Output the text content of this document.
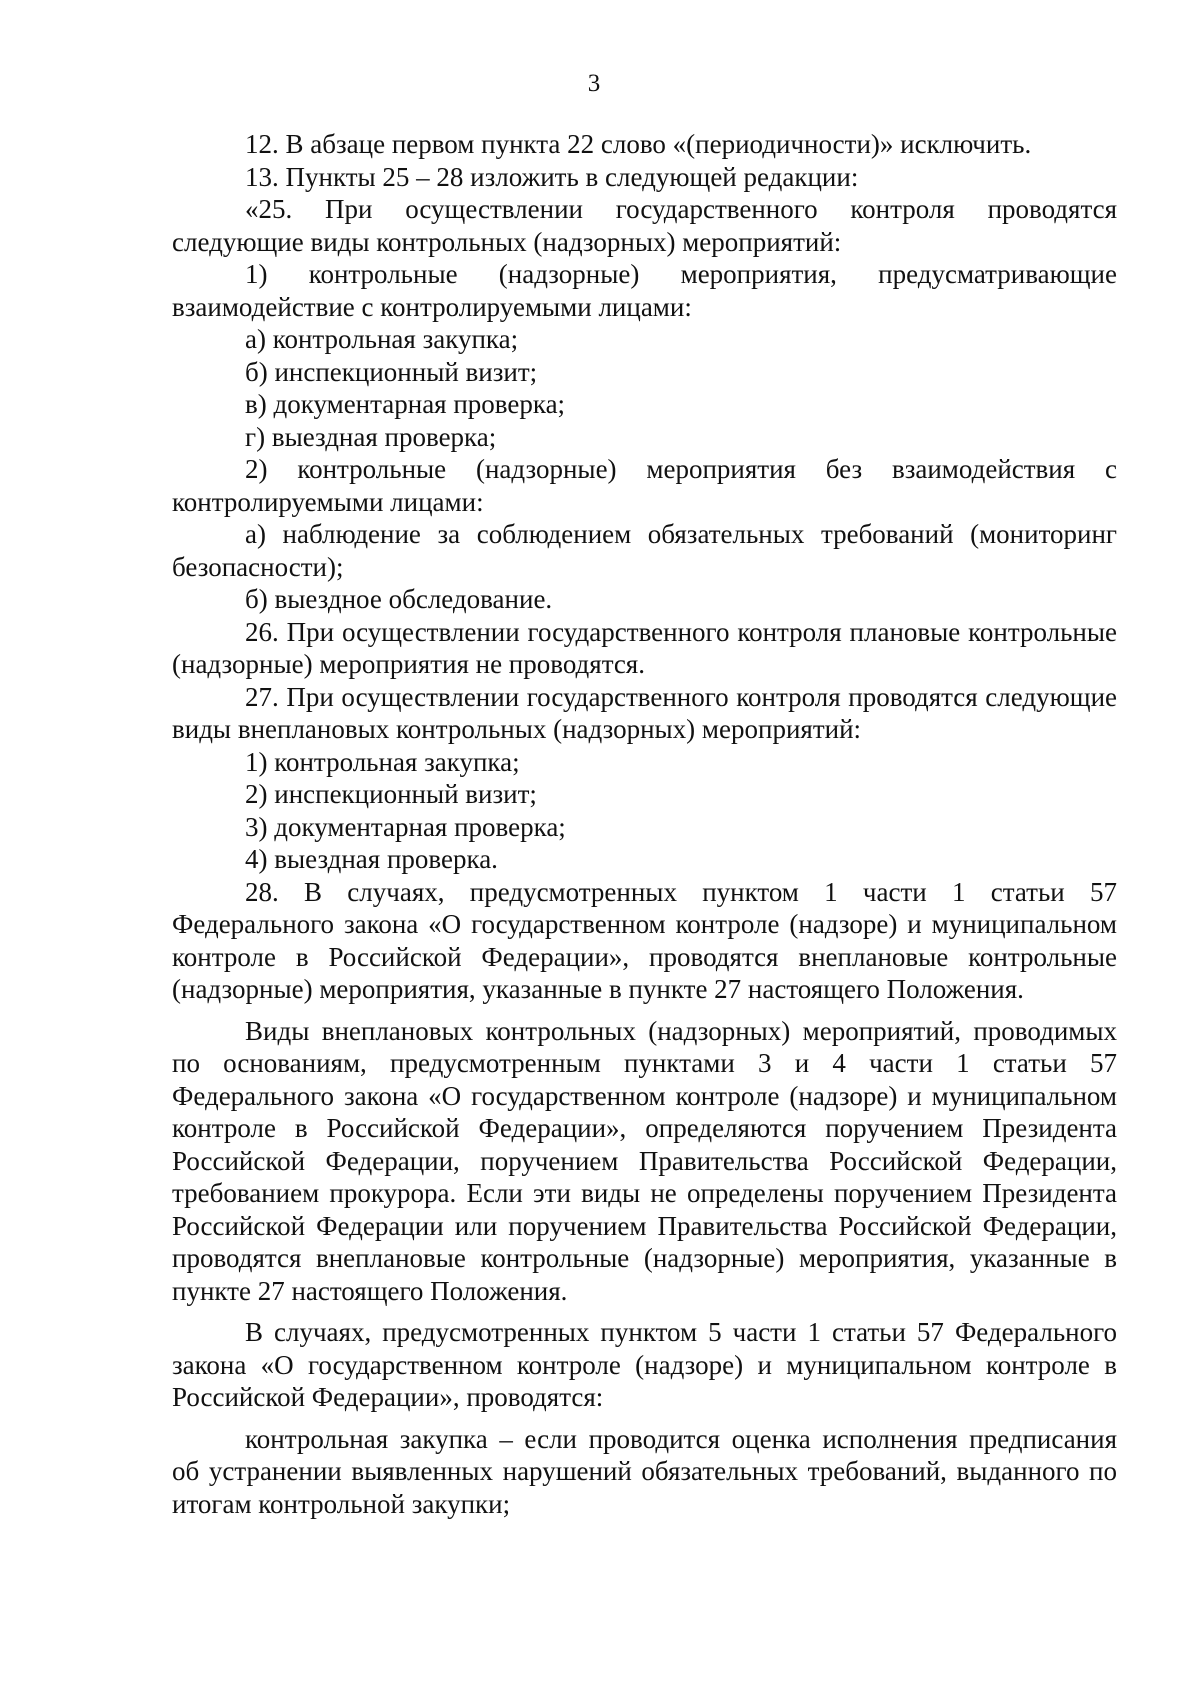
3

12. В абзаце первом пункта 22 слово «(периодичности)» исключить.

13. Пункты 25 – 28 изложить в следующей редакции:

«25. При осуществлении государственного контроля проводятся следующие виды контрольных (надзорных) мероприятий:

1) контрольные (надзорные) мероприятия, предусматривающие взаимодействие с контролируемыми лицами:

а) контрольная закупка;

б) инспекционный визит;

в) документарная проверка;

г) выездная проверка;

2) контрольные (надзорные) мероприятия без взаимодействия с контролируемыми лицами:

а) наблюдение за соблюдением обязательных требований (мониторинг безопасности);

б) выездное обследование.

26. При осуществлении государственного контроля плановые контрольные (надзорные) мероприятия не проводятся.

27. При осуществлении государственного контроля проводятся следующие виды внеплановых контрольных (надзорных) мероприятий:

1) контрольная закупка;

2) инспекционный визит;

3) документарная проверка;

4) выездная проверка.

28. В случаях, предусмотренных пунктом 1 части 1 статьи 57 Федерального закона «О государственном контроле (надзоре) и муниципальном контроле в Российской Федерации», проводятся внеплановые контрольные (надзорные) мероприятия, указанные в пункте 27 настоящего Положения.

Виды внеплановых контрольных (надзорных) мероприятий, проводимых по основаниям, предусмотренным пунктами 3 и 4 части 1 статьи 57 Федерального закона «О государственном контроле (надзоре) и муниципальном контроле в Российской Федерации», определяются поручением Президента Российской Федерации, поручением Правительства Российской Федерации, требованием прокурора. Если эти виды не определены поручением Президента Российской Федерации или поручением Правительства Российской Федерации, проводятся внеплановые контрольные (надзорные) мероприятия, указанные в пункте 27 настоящего Положения.

В случаях, предусмотренных пунктом 5 части 1 статьи 57 Федерального закона «О государственном контроле (надзоре) и муниципальном контроле в Российской Федерации», проводятся:

контрольная закупка – если проводится оценка исполнения предписания об устранении выявленных нарушений обязательных требований, выданного по итогам контрольной закупки;
